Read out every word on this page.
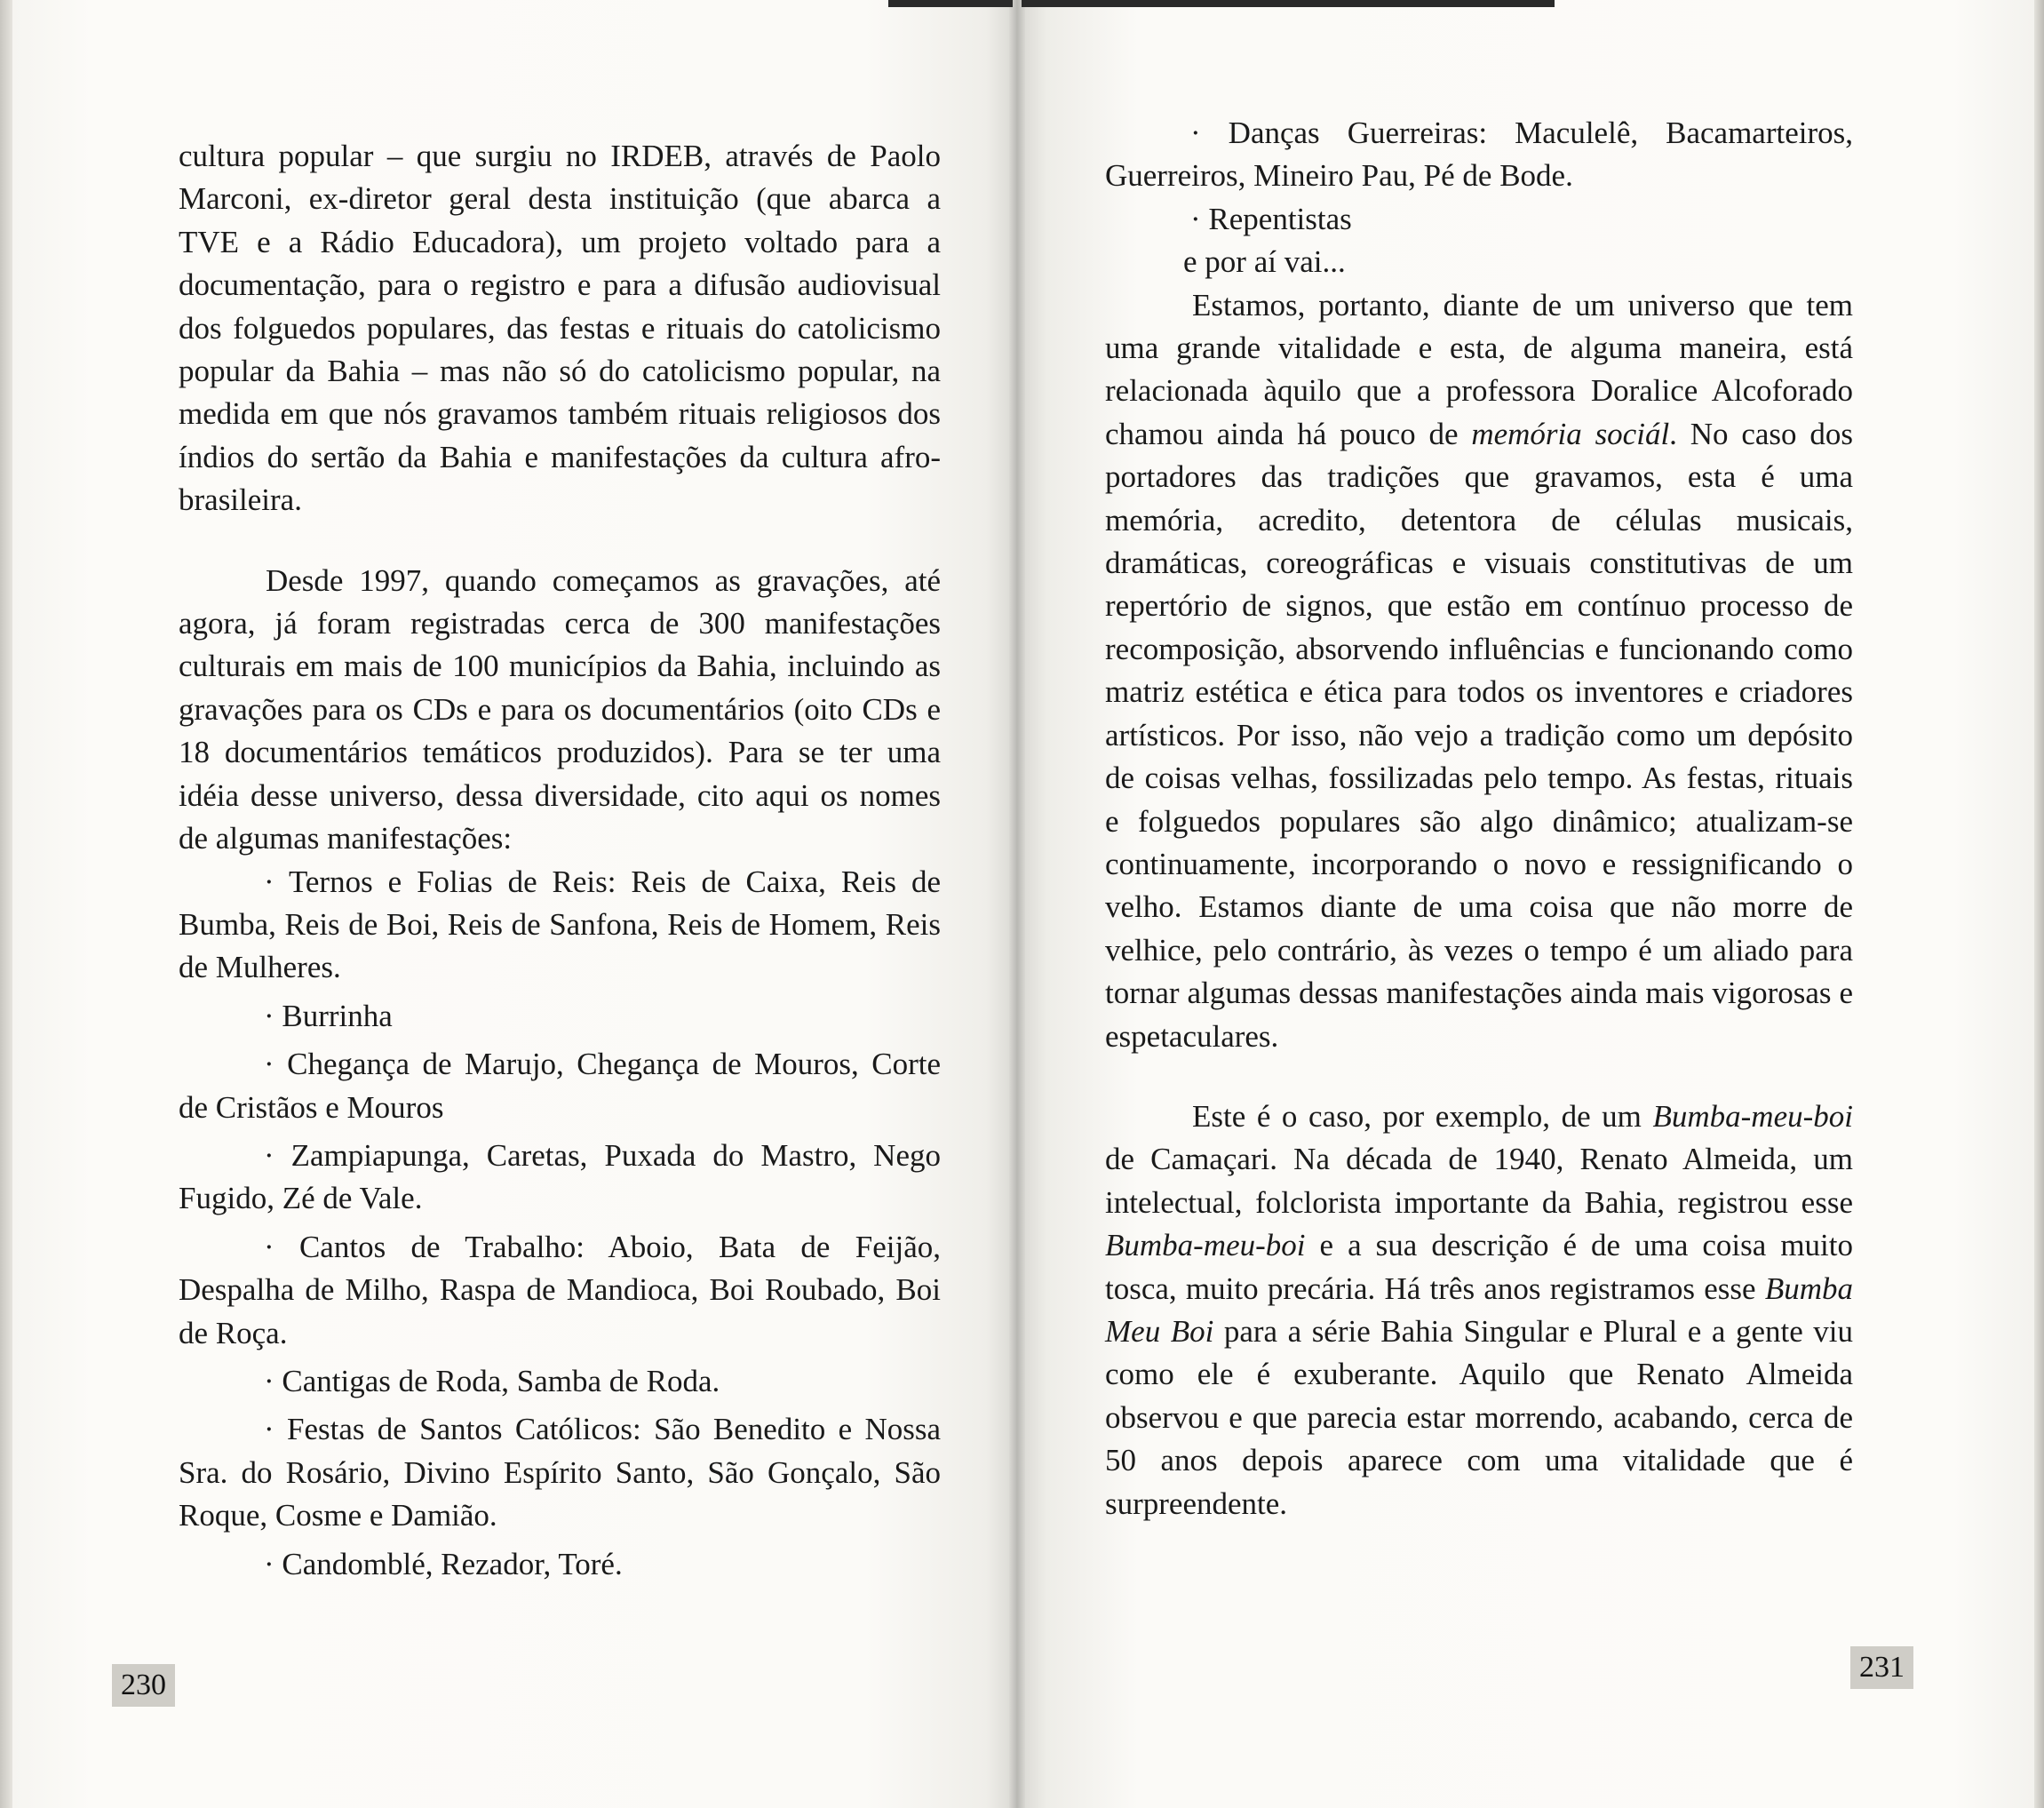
cultura popular – que surgiu no IRDEB, através de Paolo Marconi, ex-diretor geral desta instituição (que abarca a TVE e a Rádio Educadora), um projeto voltado para a documentação, para o registro e para a difusão audiovisual dos folguedos populares, das festas e rituais do catolicismo popular da Bahia – mas não só do catolicismo popular, na medida em que nós gravamos também rituais religiosos dos índios do sertão da Bahia e manifestações da cultura afro-brasileira.

Desde 1997, quando começamos as gravações, até agora, já foram registradas cerca de 300 manifestações culturais em mais de 100 municípios da Bahia, incluindo as gravações para os CDs e para os documentários (oito CDs e 18 documentários temáticos produzidos). Para se ter uma idéia desse universo, dessa diversidade, cito aqui os nomes de algumas manifestações:

· Ternos e Folias de Reis: Reis de Caixa, Reis de Bumba, Reis de Boi, Reis de Sanfona, Reis de Homem, Reis de Mulheres.

· Burrinha

· Chegança de Marujo, Chegança de Mouros, Corte de Cristãos e Mouros

· Zampiapunga, Caretas, Puxada do Mastro, Nego Fugido, Zé de Vale.

· Cantos de Trabalho: Aboio, Bata de Feijão, Despalha de Milho, Raspa de Mandioca, Boi Roubado, Boi de Roça.

· Cantigas de Roda, Samba de Roda.

· Festas de Santos Católicos: São Benedito e Nossa Sra. do Rosário, Divino Espírito Santo, São Gonçalo, São Roque, Cosme e Damião.

· Candomblé, Rezador, Toré.

230

· Danças Guerreiras: Maculelê, Bacamarteiros, Guerreiros, Mineiro Pau, Pé de Bode.

· Repentistas

e por aí vai...

Estamos, portanto, diante de um universo que tem uma grande vitalidade e esta, de alguma maneira, está relacionada àquilo que a professora Doralice Alcoforado chamou ainda há pouco de memória sociál. No caso dos portadores das tradições que gravamos, esta é uma memória, acredito, detentora de células musicais, dramáticas, coreográficas e visuais constitutivas de um repertório de signos, que estão em contínuo processo de recomposição, absorvendo influências e funcionando como matriz estética e ética para todos os inventores e criadores artísticos. Por isso, não vejo a tradição como um depósito de coisas velhas, fossilizadas pelo tempo. As festas, rituais e folguedos populares são algo dinâmico; atualizam-se continuamente, incorporando o novo e ressignificando o velho. Estamos diante de uma coisa que não morre de velhice, pelo contrário, às vezes o tempo é um aliado para tornar algumas dessas manifestações ainda mais vigorosas e espetaculares.

Este é o caso, por exemplo, de um Bumba-meu-boi de Camaçari. Na década de 1940, Renato Almeida, um intelectual, folclorista importante da Bahia, registrou esse Bumba-meu-boi e a sua descrição é de uma coisa muito tosca, muito precária. Há três anos registramos esse Bumba Meu Boi para a série Bahia Singular e Plural e a gente viu como ele é exuberante. Aquilo que Renato Almeida observou e que parecia estar morrendo, acabando, cerca de 50 anos depois aparece com uma vitalidade que é surpreendente.

231
